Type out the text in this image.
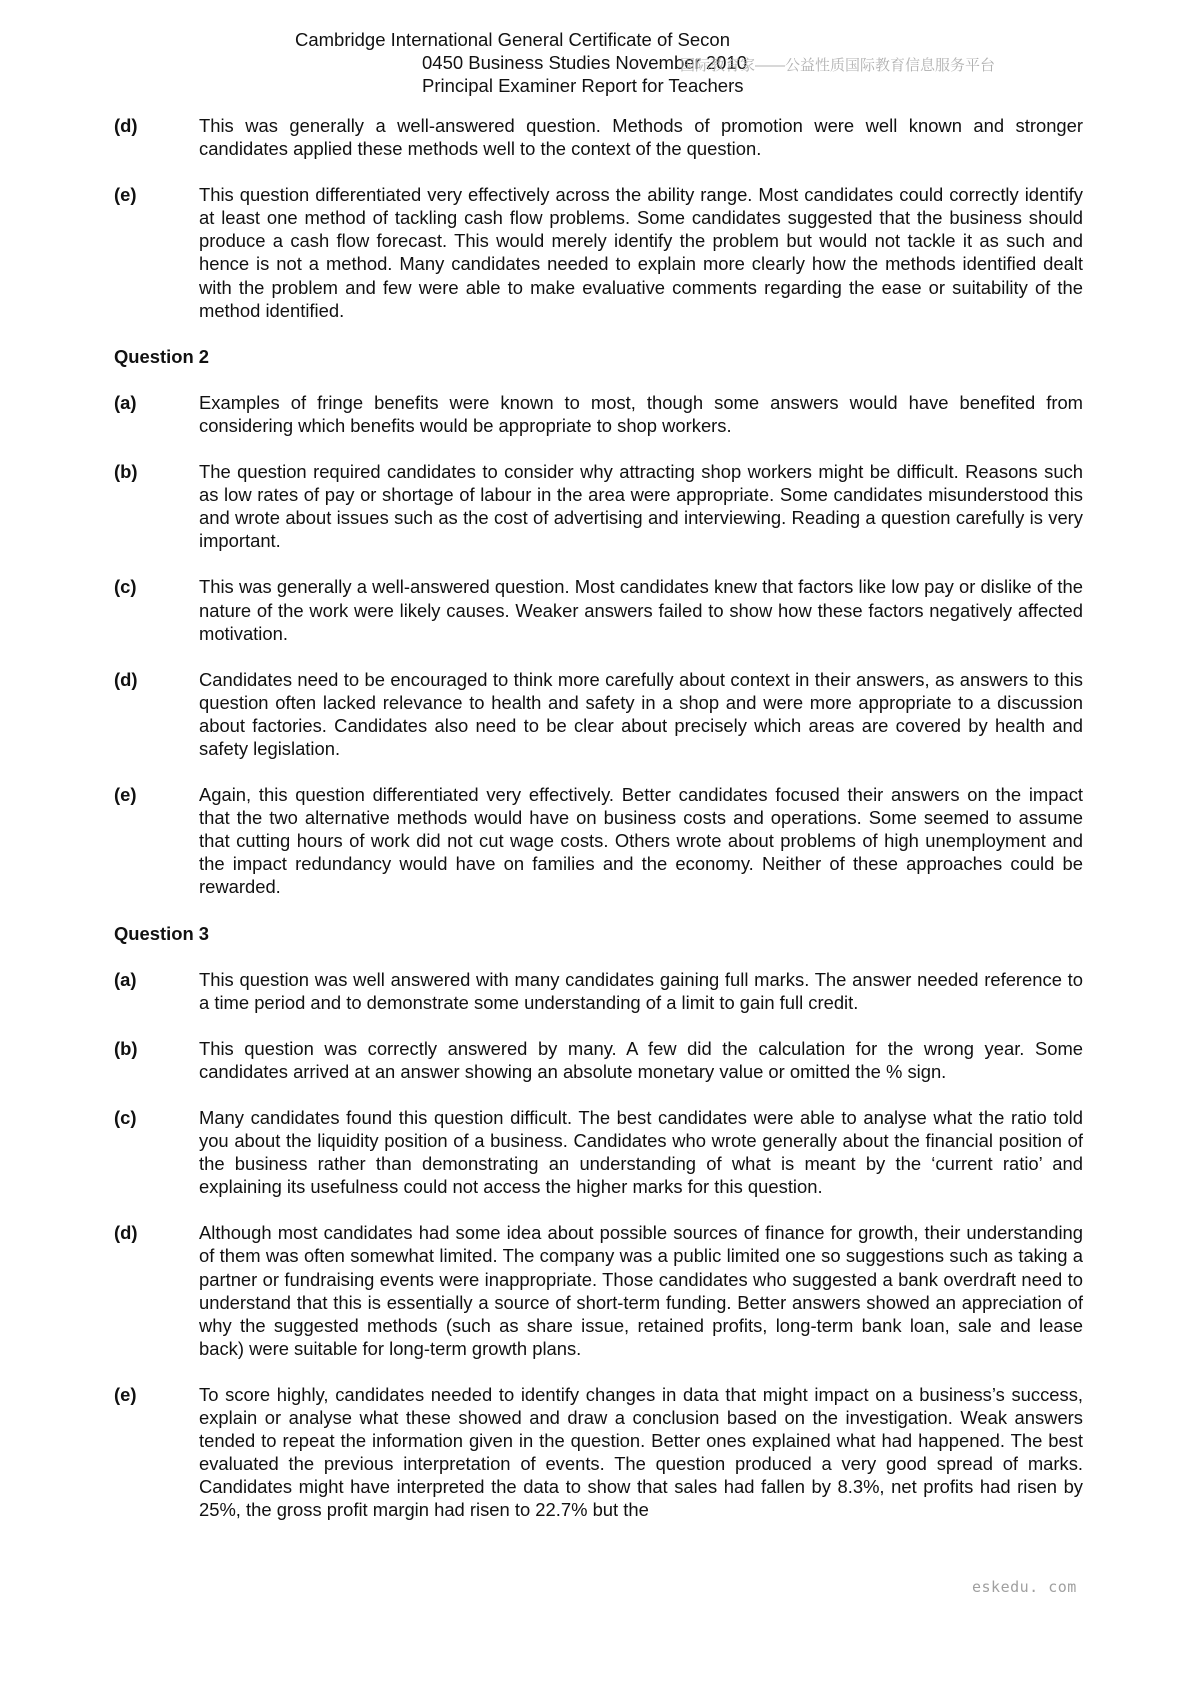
Cambridge International General Certificate of Secon
0450 Business Studies November 2010
Principal Examiner Report for Teachers
国际教育家——公益性质国际教育信息服务平台
(d)	This was generally a well-answered question. Methods of promotion were well known and stronger candidates applied these methods well to the context of the question.
(e)	This question differentiated very effectively across the ability range. Most candidates could correctly identify at least one method of tackling cash flow problems. Some candidates suggested that the business should produce a cash flow forecast. This would merely identify the problem but would not tackle it as such and hence is not a method. Many candidates needed to explain more clearly how the methods identified dealt with the problem and few were able to make evaluative comments regarding the ease or suitability of the method identified.
Question 2
(a)	Examples of fringe benefits were known to most, though some answers would have benefited from considering which benefits would be appropriate to shop workers.
(b)	The question required candidates to consider why attracting shop workers might be difficult. Reasons such as low rates of pay or shortage of labour in the area were appropriate. Some candidates misunderstood this and wrote about issues such as the cost of advertising and interviewing. Reading a question carefully is very important.
(c)	This was generally a well-answered question. Most candidates knew that factors like low pay or dislike of the nature of the work were likely causes. Weaker answers failed to show how these factors negatively affected motivation.
(d)	Candidates need to be encouraged to think more carefully about context in their answers, as answers to this question often lacked relevance to health and safety in a shop and were more appropriate to a discussion about factories. Candidates also need to be clear about precisely which areas are covered by health and safety legislation.
(e)	Again, this question differentiated very effectively. Better candidates focused their answers on the impact that the two alternative methods would have on business costs and operations. Some seemed to assume that cutting hours of work did not cut wage costs. Others wrote about problems of high unemployment and the impact redundancy would have on families and the economy. Neither of these approaches could be rewarded.
Question 3
(a)	This question was well answered with many candidates gaining full marks. The answer needed reference to a time period and to demonstrate some understanding of a limit to gain full credit.
(b)	This question was correctly answered by many. A few did the calculation for the wrong year. Some candidates arrived at an answer showing an absolute monetary value or omitted the % sign.
(c)	Many candidates found this question difficult. The best candidates were able to analyse what the ratio told you about the liquidity position of a business. Candidates who wrote generally about the financial position of the business rather than demonstrating an understanding of what is meant by the ‘current ratio’ and explaining its usefulness could not access the higher marks for this question.
(d)	Although most candidates had some idea about possible sources of finance for growth, their understanding of them was often somewhat limited. The company was a public limited one so suggestions such as taking a partner or fundraising events were inappropriate. Those candidates who suggested a bank overdraft need to understand that this is essentially a source of short-term funding. Better answers showed an appreciation of why the suggested methods (such as share issue, retained profits, long-term bank loan, sale and lease back) were suitable for long-term growth plans.
(e)	To score highly, candidates needed to identify changes in data that might impact on a business’s success, explain or analyse what these showed and draw a conclusion based on the investigation. Weak answers tended to repeat the information given in the question. Better ones explained what had happened. The best evaluated the previous interpretation of events. The question produced a very good spread of marks. Candidates might have interpreted the data to show that sales had fallen by 8.3%, net profits had risen by 25%, the gross profit margin had risen to 22.7% but the
eskedu. com
